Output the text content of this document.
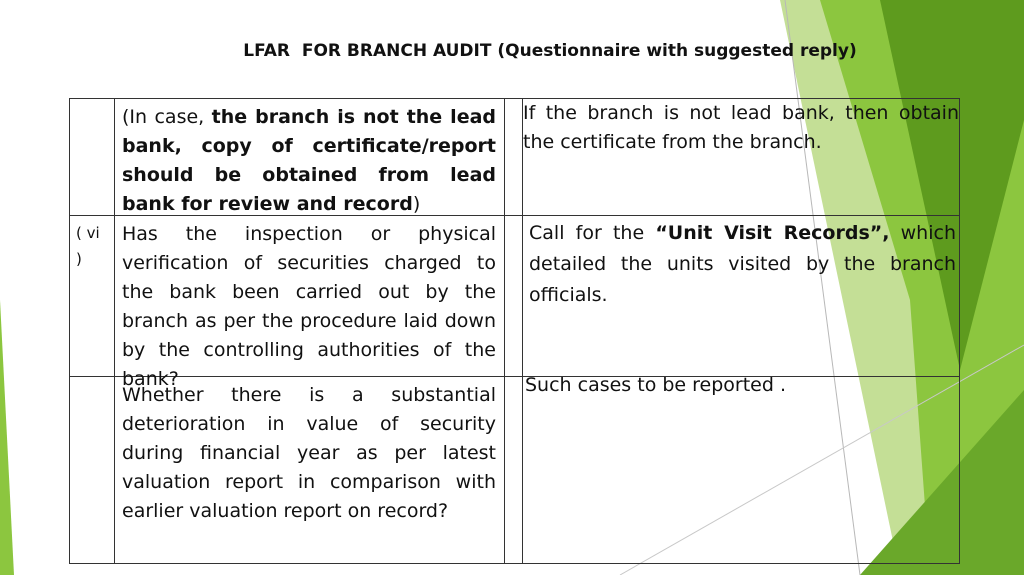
LFAR  FOR BRANCH AUDIT (Questionnaire with suggested reply)
(In case, the branch is not the lead bank, copy of certificate/report should be obtained from lead bank for review and record)
If the branch is not lead bank, then obtain the certificate from the branch.
( vi )
Has the inspection or physical verification of securities charged to the bank been carried out by the branch as per the procedure laid down by the controlling authorities of the bank?
Call for the “Unit Visit Records”, which detailed the units visited by the branch officials.
Whether there is a substantial deterioration in value of security during financial year as per latest valuation report in comparison with earlier valuation report on record?
Such cases to be reported .
